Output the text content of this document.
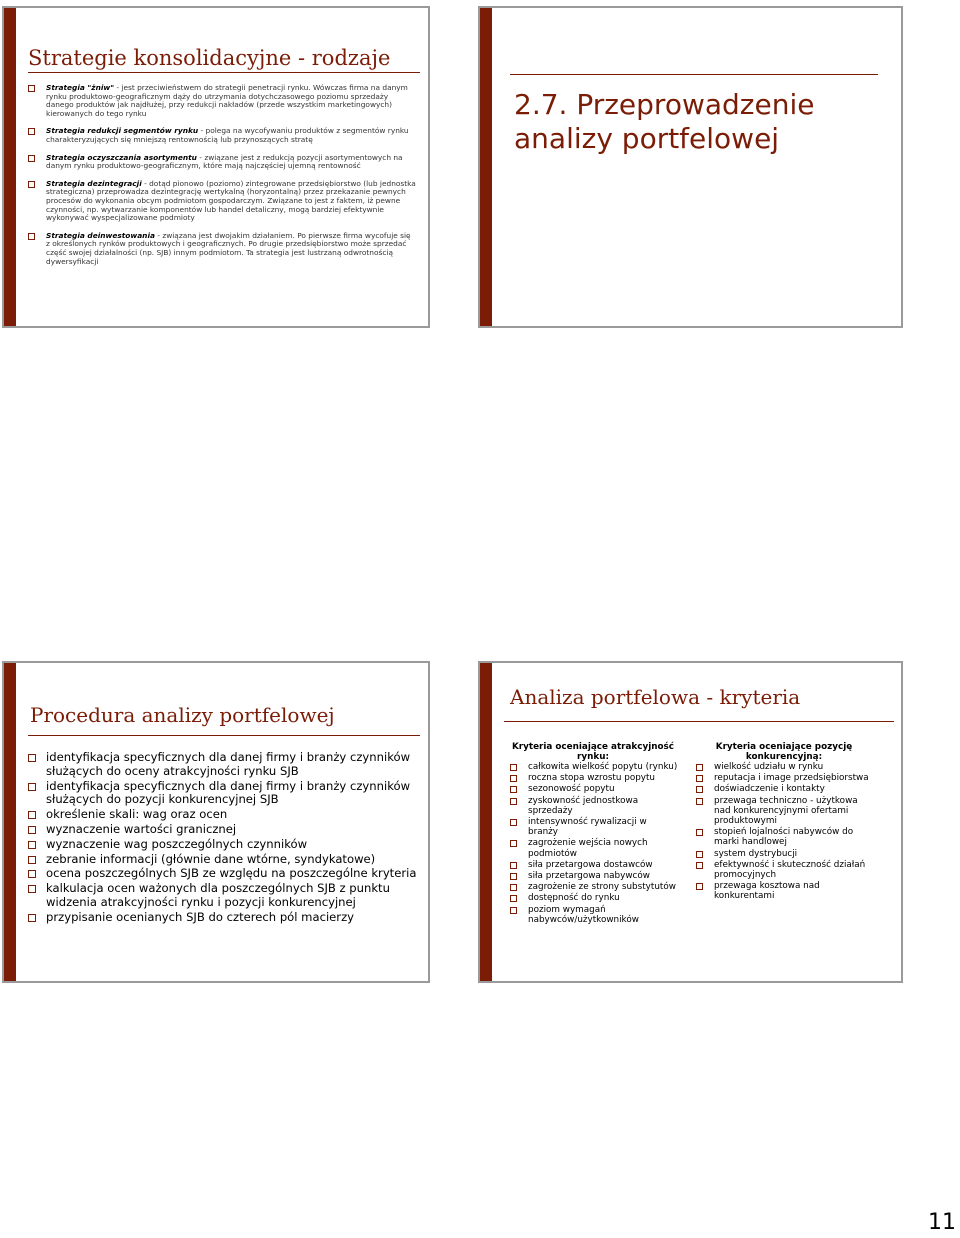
Strategie konsolidacyjne - rodzaje
Strategia "żniw" - jest przeciwieństwem do strategii penetracji rynku. Wówczas firma na danym rynku produktowo-geograficznym dąży do utrzymania dotychczasowego poziomu sprzedaży danego produktów jak najdłużej, przy redukcji nakładów (przede wszystkim marketingowych) kierowanych do tego rynku
Strategia redukcji segmentów rynku - polega na wycofywaniu produktów z segmentów rynku charakteryzujących się mniejszą rentownością lub przynoszących stratę
Strategia oczyszczania asortymentu - związane jest z redukcją pozycji asortymentowych na danym rynku produktowo-geograficznym, które mają najczęściej ujemną rentowność
Strategia dezintegracji - dotąd pionowo (poziomo) zintegrowane przedsiębiorstwo (lub jednostka strategiczna) przeprowadza dezintegrację wertykalną (horyzontalną) przez przekazanie pewnych procesów do wykonania obcym podmiotom gospodarczym. Związane to jest z faktem, iż pewne czynności, np. wytwarzanie komponentów lub handel detaliczny, mogą bardziej efektywnie wykonywać wyspecjalizowane podmioty
Strategia deinwestowania - związana jest dwojakim działaniem. Po pierwsze firma wycofuje się z określonych rynków produktowych i geograficznych. Po drugie przedsiębiorstwo może sprzedać część swojej działalności (np. SJB) innym podmiotom. Ta strategia jest lustrzaną odwrotnością dywersyfikacji
2.7. Przeprowadzenie analizy portfelowej
Procedura analizy portfelowej
identyfikacja specyficznych dla danej firmy i branży czynników służących do oceny atrakcyjności rynku SJB
identyfikacja specyficznych dla danej firmy i branży czynników służących do pozycji konkurencyjnej SJB
określenie skali: wag oraz ocen
wyznaczenie wartości granicznej
wyznaczenie wag poszczególnych czynników
zebranie informacji (głównie dane wtórne, syndykatowe)
ocena poszczególnych SJB ze względu na poszczególne kryteria
kalkulacja ocen ważonych dla poszczególnych SJB z punktu widzenia atrakcyjności rynku i pozycji konkurencyjnej
przypisanie ocenianych SJB do czterech pól macierzy
Analiza portfelowa - kryteria
Kryteria oceniające atrakcyjność rynku:
całkowita wielkość popytu (rynku)
roczna stopa wzrostu popytu
sezonowość popytu
zyskowność jednostkowa sprzedaży
intensywność rywalizacji w branży
zagrożenie wejścia nowych podmiotów
siła przetargowa dostawców
siła przetargowa nabywców
zagrożenie ze strony substytutów
dostępność do rynku
poziom wymagań nabywców/użytkowników
Kryteria oceniające pozycję konkurencyjną:
wielkość udziału w rynku
reputacja i image przedsiębiorstwa
doświadczenie i kontakty
przewaga techniczno - użytkowa nad konkurencyjnymi ofertami produktowymi
stopień lojalności nabywców do marki handlowej
system dystrybucji
efektywność i skuteczność działań promocyjnych
przewaga kosztowa nad konkurentami
11
